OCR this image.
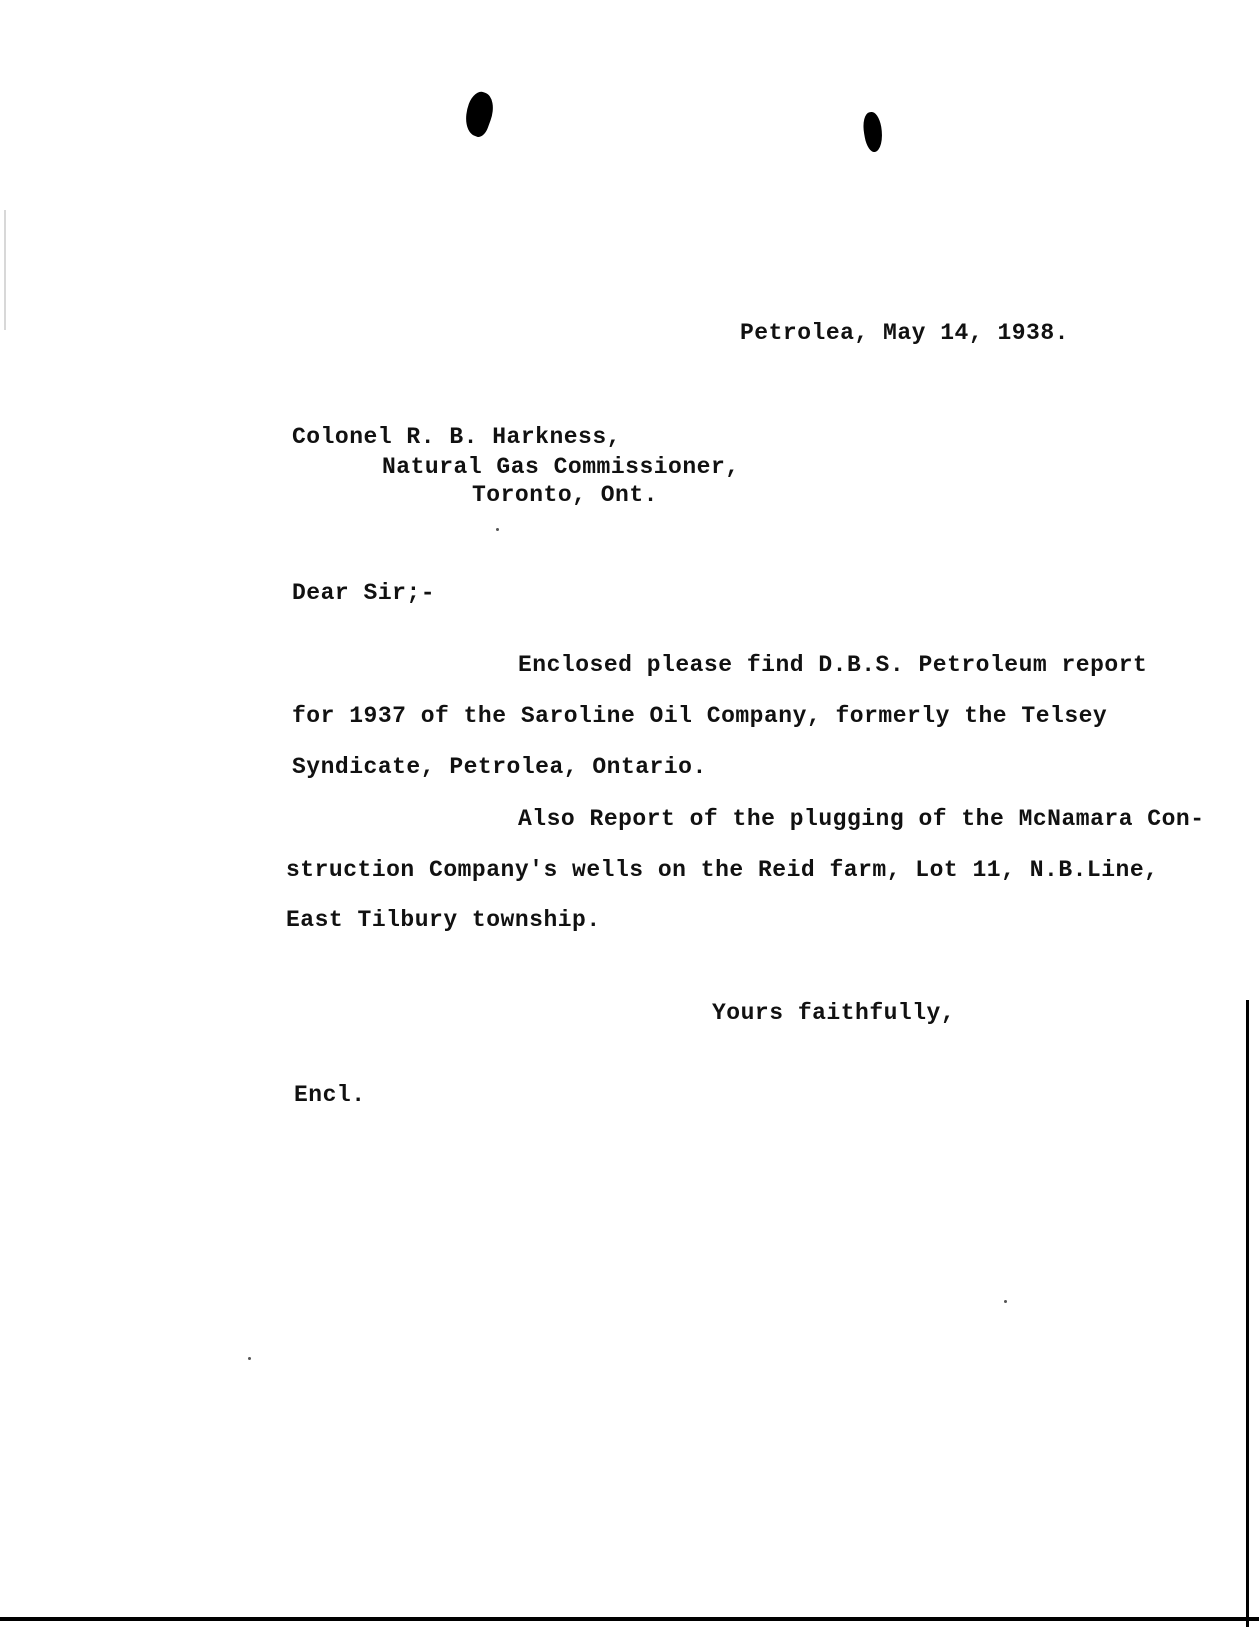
Petrolea, May 14, 1938.
Colonel R. B. Harkness,
Natural Gas Commissioner,
Toronto, Ont.
Dear Sir;-
Enclosed please find D.B.S. Petroleum report
for 1937 of the Saroline Oil Company, formerly the Telsey
Syndicate, Petrolea, Ontario.
Also Report of the plugging of the McNamara Con-
struction Company's wells on the Reid farm, Lot 11, N.B.Line,
East Tilbury township.
Yours faithfully,
Encl.
